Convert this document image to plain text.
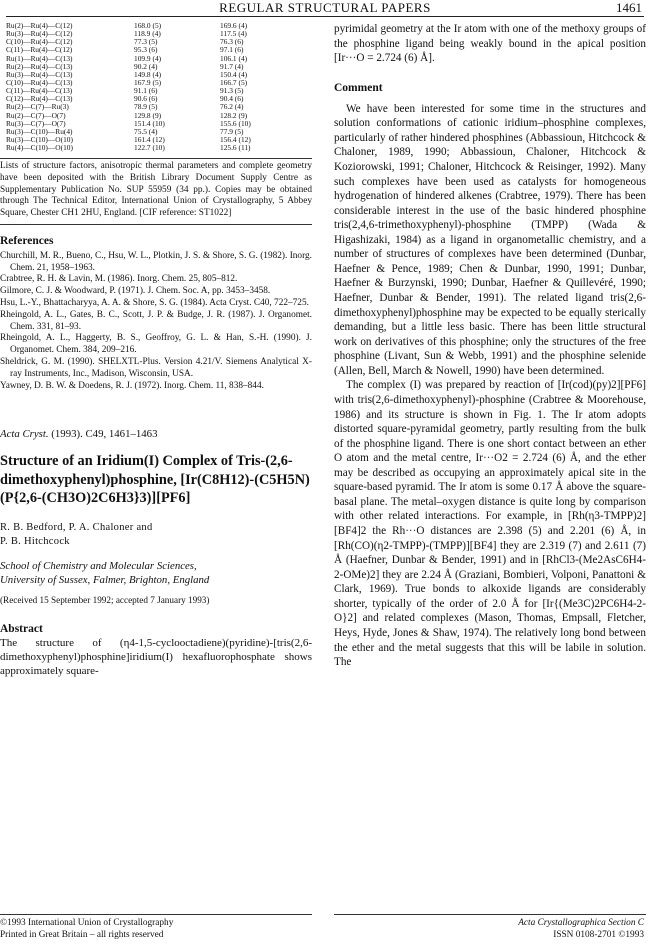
REGULAR STRUCTURAL PAPERS	1461
Ru(2)—Ru(4)—C(12)	168.0 (5)	169.6 (4)
Ru(3)—Ru(4)—C(12)	118.9 (4)	117.5 (4)
C(10)—Ru(4)—C(12)	77.3 (5)	76.3 (6)
C(11)—Ru(4)—C(12)	95.3 (6)	97.1 (6)
Ru(1)—Ru(4)—C(13)	109.9 (4)	106.1 (4)
Ru(2)—Ru(4)—C(13)	90.2 (4)	91.7 (4)
Ru(3)—Ru(4)—C(13)	149.8 (4)	150.4 (4)
C(10)—Ru(4)—C(13)	167.9 (5)	166.7 (5)
C(11)—Ru(4)—C(13)	91.1 (6)	91.3 (5)
C(12)—Ru(4)—C(13)	90.6 (6)	90.4 (6)
Ru(2)—C(7)—Ru(3)	78.9 (5)	76.2 (4)
Ru(2)—C(7)—O(7)	129.8 (9)	128.2 (9)
Ru(3)—C(7)—O(7)	151.4 (10)	155.6 (10)
Ru(3)—C(10)—Ru(4)	75.5 (4)	77.9 (5)
Ru(3)—C(10)—O(10)	161.4 (12)	156.4 (12)
Ru(4)—C(10)—O(10)	122.7 (10)	125.6 (11)

Lists of structure factors, anisotropic thermal parameters and complete geometry have been deposited with the British Library Document Supply Centre as Supplementary Publication No. SUP 55959 (34 pp.). Copies may be obtained through The Technical Editor, International Union of Crystallography, 5 Abbey Square, Chester CH1 2HU, England. [CIF reference: ST1022]

References
Churchill, M. R., Bueno, C., Hsu, W. L., Plotkin, J. S. & Shore, S. G. (1982). Inorg. Chem. 21, 1958–1963.
Crabtree, R. H. & Lavin, M. (1986). Inorg. Chem. 25, 805–812.
Gilmore, C. J. & Woodward, P. (1971). J. Chem. Soc. A, pp. 3453–3458.
Hsu, L.-Y., Bhattacharyya, A. A. & Shore, S. G. (1984). Acta Cryst. C40, 722–725.
Rheingold, A. L., Gates, B. C., Scott, J. P. & Budge, J. R. (1987). J. Organomet. Chem. 331, 81–93.
Rheingold, A. L., Haggerty, B. S., Geoffroy, G. L. & Han, S.-H. (1990). J. Organomet. Chem. 384, 209–216.
Sheldrick, G. M. (1990). SHELXTL-Plus. Version 4.21/V. Siemens Analytical X-ray Instruments, Inc., Madison, Wisconsin, USA.
Yawney, D. B. W. & Doedens, R. J. (1972). Inorg. Chem. 11, 838–844.
Acta Cryst. (1993). C49, 1461–1463
Structure of an Iridium(I) Complex of Tris-(2,6-dimethoxyphenyl)phosphine, [Ir(C8H12)-(C5H5N)(P{2,6-(CH3O)2C6H3}3)][PF6]
R. B. Bedford, P. A. Chaloner and
P. B. Hitchcock
School of Chemistry and Molecular Sciences,
University of Sussex, Falmer, Brighton, England
(Received 15 September 1992; accepted 7 January 1993)
Abstract

The structure of (η4-1,5-cyclooctadiene)(pyridine)-[tris(2,6-dimethoxyphenyl)phosphine]iridium(I) hexafluorophosphate shows approximately square-

pyrimidal geometry at the Ir atom with one of the methoxy groups of the phosphine ligand being weakly bound in the apical position [Ir···O = 2.724 (6) Å].

Comment

We have been interested for some time in the structures and solution conformations of cationic iridium–phosphine complexes, particularly of rather hindered phosphines (Abbassioun, Hitchcock & Chaloner, 1989, 1990; Abbassioun, Chaloner, Hitchcock & Koziorowski, 1991; Chaloner, Hitchcock & Reisinger, 1992). Many such complexes have been used as catalysts for homogeneous hydrogenation of hindered alkenes (Crabtree, 1979). There has been considerable interest in the use of the basic hindered phosphine tris(2,4,6-trimethoxyphenyl)-phosphine (TMPP) (Wada & Higashizaki, 1984) as a ligand in organometallic chemistry, and a number of structures of complexes have been determined (Dunbar, Haefner & Pence, 1989; Chen & Dunbar, 1990, 1991; Dunbar, Haefner & Burzynski, 1990; Dunbar, Haefner & Quillevéré, 1990; Haefner, Dunbar & Bender, 1991). The related ligand tris(2,6-dimethoxyphenyl)phosphine may be expected to be equally sterically demanding, but a little less basic. There has been little structural work on derivatives of this phosphine; only the structures of the free phosphine (Livant, Sun & Webb, 1991) and the phosphine selenide (Allen, Bell, March & Nowell, 1990) have been determined.

The complex (I) was prepared by reaction of [Ir(cod)(py)2][PF6] with tris(2,6-dimethoxyphenyl)-phosphine (Crabtree & Moorehouse, 1986) and its structure is shown in Fig. 1. The Ir atom adopts distorted square-pyramidal geometry, partly resulting from the bulk of the phosphine ligand. There is one short contact between an ether O atom and the metal centre, Ir···O2 = 2.724 (6) Å, and the ether may be described as occupying an approximately apical site in the square-based pyramid. The Ir atom is some 0.17 Å above the square-basal plane. The metal–oxygen distance is quite long by comparison with other related interactions. For example, in [Rh(η3-TMPP)2][BF4]2 the Rh···O distances are 2.398 (5) and 2.201 (6) Å, in [Rh(CO)(η2-TMPP)-(TMPP)][BF4] they are 2.319 (7) and 2.611 (7) Å (Haefner, Dunbar & Bender, 1991) and in [RhCl3-(Me2AsC6H4-2-OMe)2] they are 2.24 Å (Graziani, Bombieri, Volponi, Panattoni & Clark, 1969). True bonds to alkoxide ligands are considerably shorter, typically of the order of 2.0 Å for [Ir{(Me3C)2PC6H4-2-O}2] and related complexes (Mason, Thomas, Empsall, Fletcher, Heys, Hyde, Jones & Shaw, 1974). The relatively long bond between the ether and the metal suggests that this will be labile in solution. The

©1993 International Union of Crystallography
Printed in Great Britain – all rights reserved
Acta Crystallographica Section C
ISSN 0108-2701 ©1993
